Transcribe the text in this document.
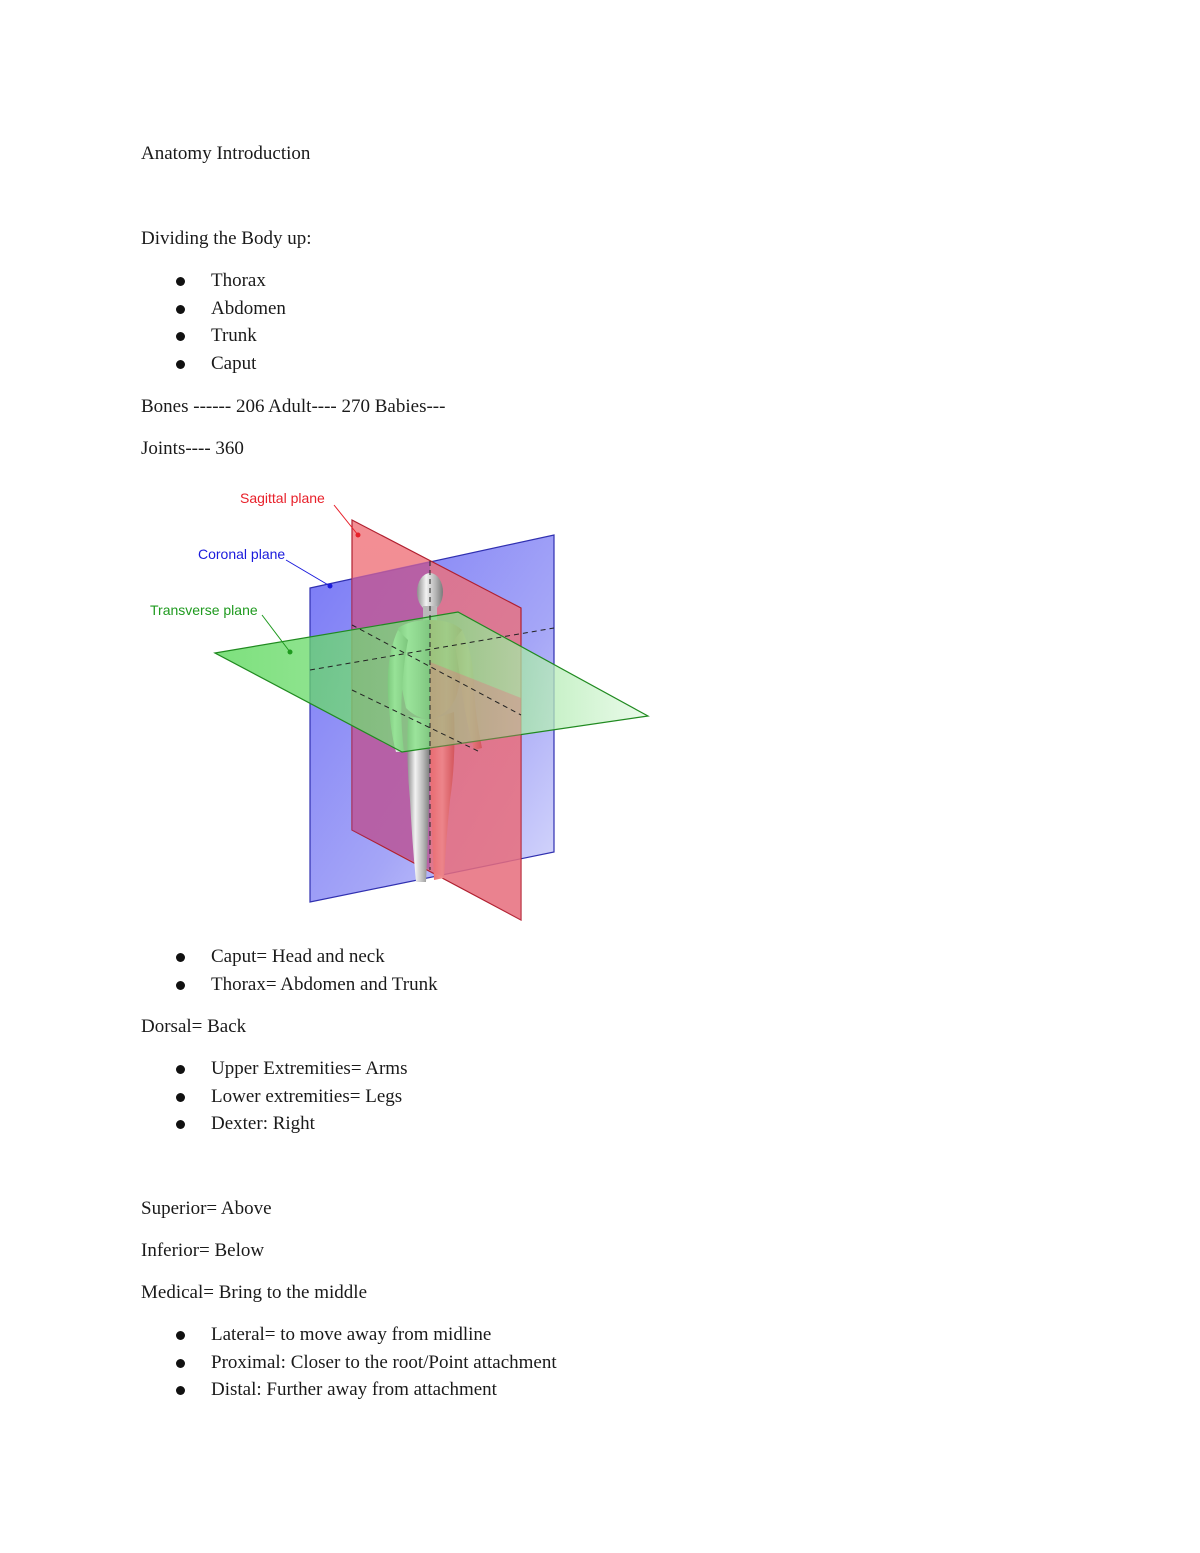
Anatomy Introduction

Dividing the Body up:

Thorax
Abdomen
Trunk
Caput

Bones ------ 206 Adult---- 270 Babies---

Joints---- 360

Sagittal plane
Coronal plane
Transverse plane
Caput= Head and neck
Thorax= Abdomen and Trunk

Dorsal= Back

Upper Extremities= Arms
Lower extremities= Legs
Dexter: Right

Superior= Above

Inferior= Below

Medical= Bring to the middle

Lateral= to move away from midline
Proximal: Closer to the root/Point attachment
Distal: Further away from attachment
